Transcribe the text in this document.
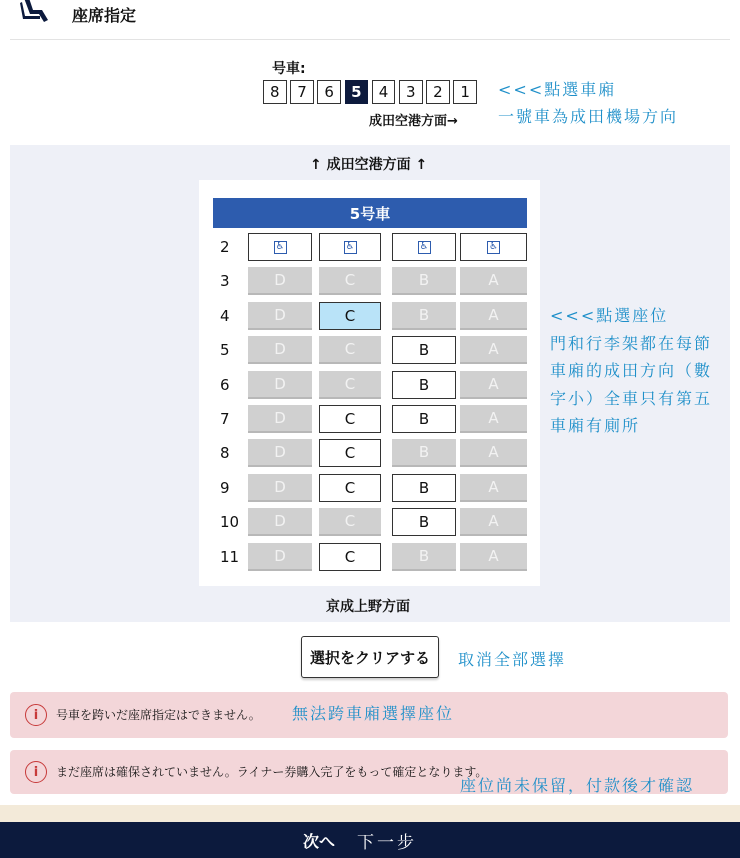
座席指定
号車:
8	7	6	5	4	3	2	1
成田空港方面→
<<<點選車廂
一號車為成田機場方向
↑ 成田空港方面 ↑
5号車
2	♿	♿	♿	♿
3	D	C	B	A
4	D	C	B	A
5	D	C	B	A
6	D	C	B	A
7	D	C	B	A
8	D	C	B	A
9	D	C	B	A
10	D	C	B	A
11	D	C	B	A
京成上野方面
<<<點選座位
門和行李架都在每節
車廂的成田方向（數
字小）全車只有第五
車廂有廁所
選択をクリアする	取消全部選擇
i	号車を跨いだ座席指定はできません。 無法跨車廂選擇座位
i	まだ座席は確保されていません。ライナー券購入完了をもって確定となります。
座位尚未保留，付款後才確認
次へ 下一步
